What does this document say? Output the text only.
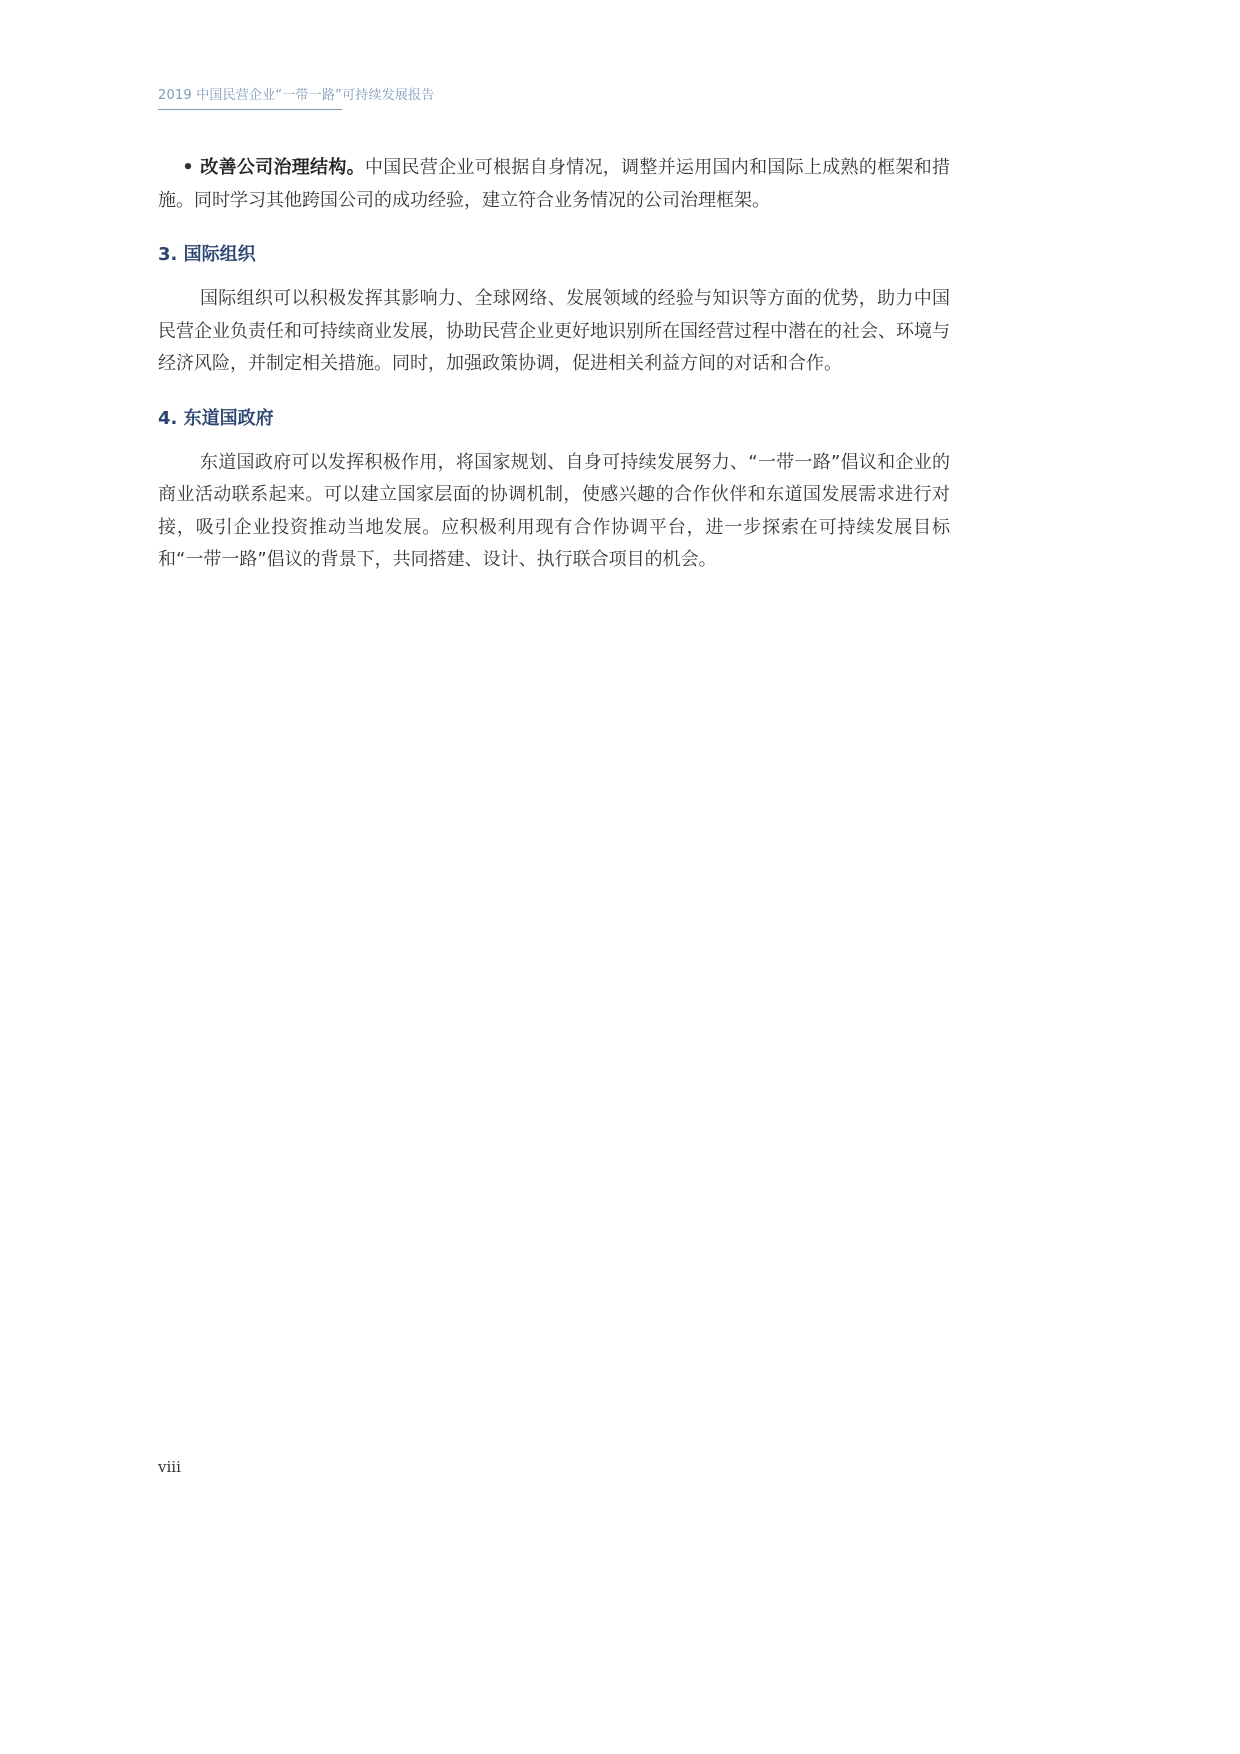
2019 中国民营企业“一带一路”可持续发展报告

• 改善公司治理结构。中国民营企业可根据自身情况，调整并运用国内和国际上成熟的框架和措施。同时学习其他跨国公司的成功经验，建立符合业务情况的公司治理框架。

3. 国际组织

国际组织可以积极发挥其影响力、全球网络、发展领域的经验与知识等方面的优势，助力中国民营企业负责任和可持续商业发展，协助民营企业更好地识别所在国经营过程中潜在的社会、环境与经济风险，并制定相关措施。同时，加强政策协调，促进相关利益方间的对话和合作。

4. 东道国政府

东道国政府可以发挥积极作用，将国家规划、自身可持续发展努力、“一带一路”倡议和企业的商业活动联系起来。可以建立国家层面的协调机制，使感兴趣的合作伙伴和东道国发展需求进行对接，吸引企业投资推动当地发展。应积极利用现有合作协调平台，进一步探索在可持续发展目标和“一带一路”倡议的背景下，共同搭建、设计、执行联合项目的机会。

viii
